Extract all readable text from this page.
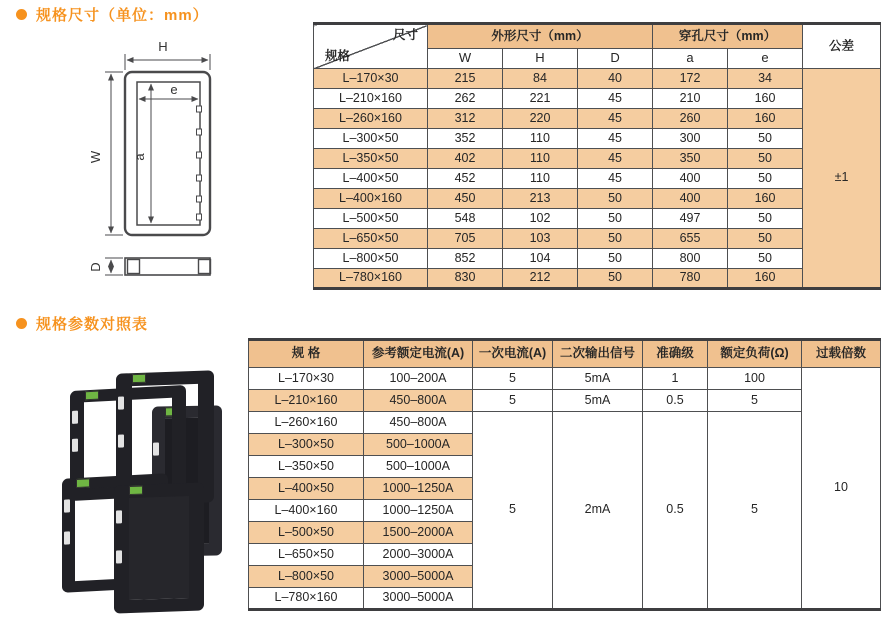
规格尺寸（单位：mm）
H
W
e
a
D
尺寸
规格	外形尺寸（mm）			穿孔尺寸（mm）		公差
	W	H	D	a	e	
L–170×30	215	84	40	172	34	±1
L–210×160	262	221	45	210	160	
L–260×160	312	220	45	260	160	
L–300×50	352	110	45	300	50	
L–350×50	402	110	45	350	50	
L–400×50	452	110	45	400	50	
L–400×160	450	213	50	400	160	
L–500×50	548	102	50	497	50	
L–650×50	705	103	50	655	50	
L–800×50	852	104	50	800	50	
L–780×160	830	212	50	780	160	
规格参数对照表
规 格	参考额定电流(A)	一次电流(A)	二次输出信号	准确级	额定负荷(Ω)	过载倍数
L–170×30	100–200A	5	5mA	1	100	10
L–210×160	450–800A	5	5mA	0.5	5	
L–260×160	450–800A	5	2mA	0.5	5	
L–300×50	500–1000A					
L–350×50	500–1000A					
L–400×50	1000–1250A					
L–400×160	1000–1250A					
L–500×50	1500–2000A					
L–650×50	2000–3000A					
L–800×50	3000–5000A					
L–780×160	3000–5000A					
